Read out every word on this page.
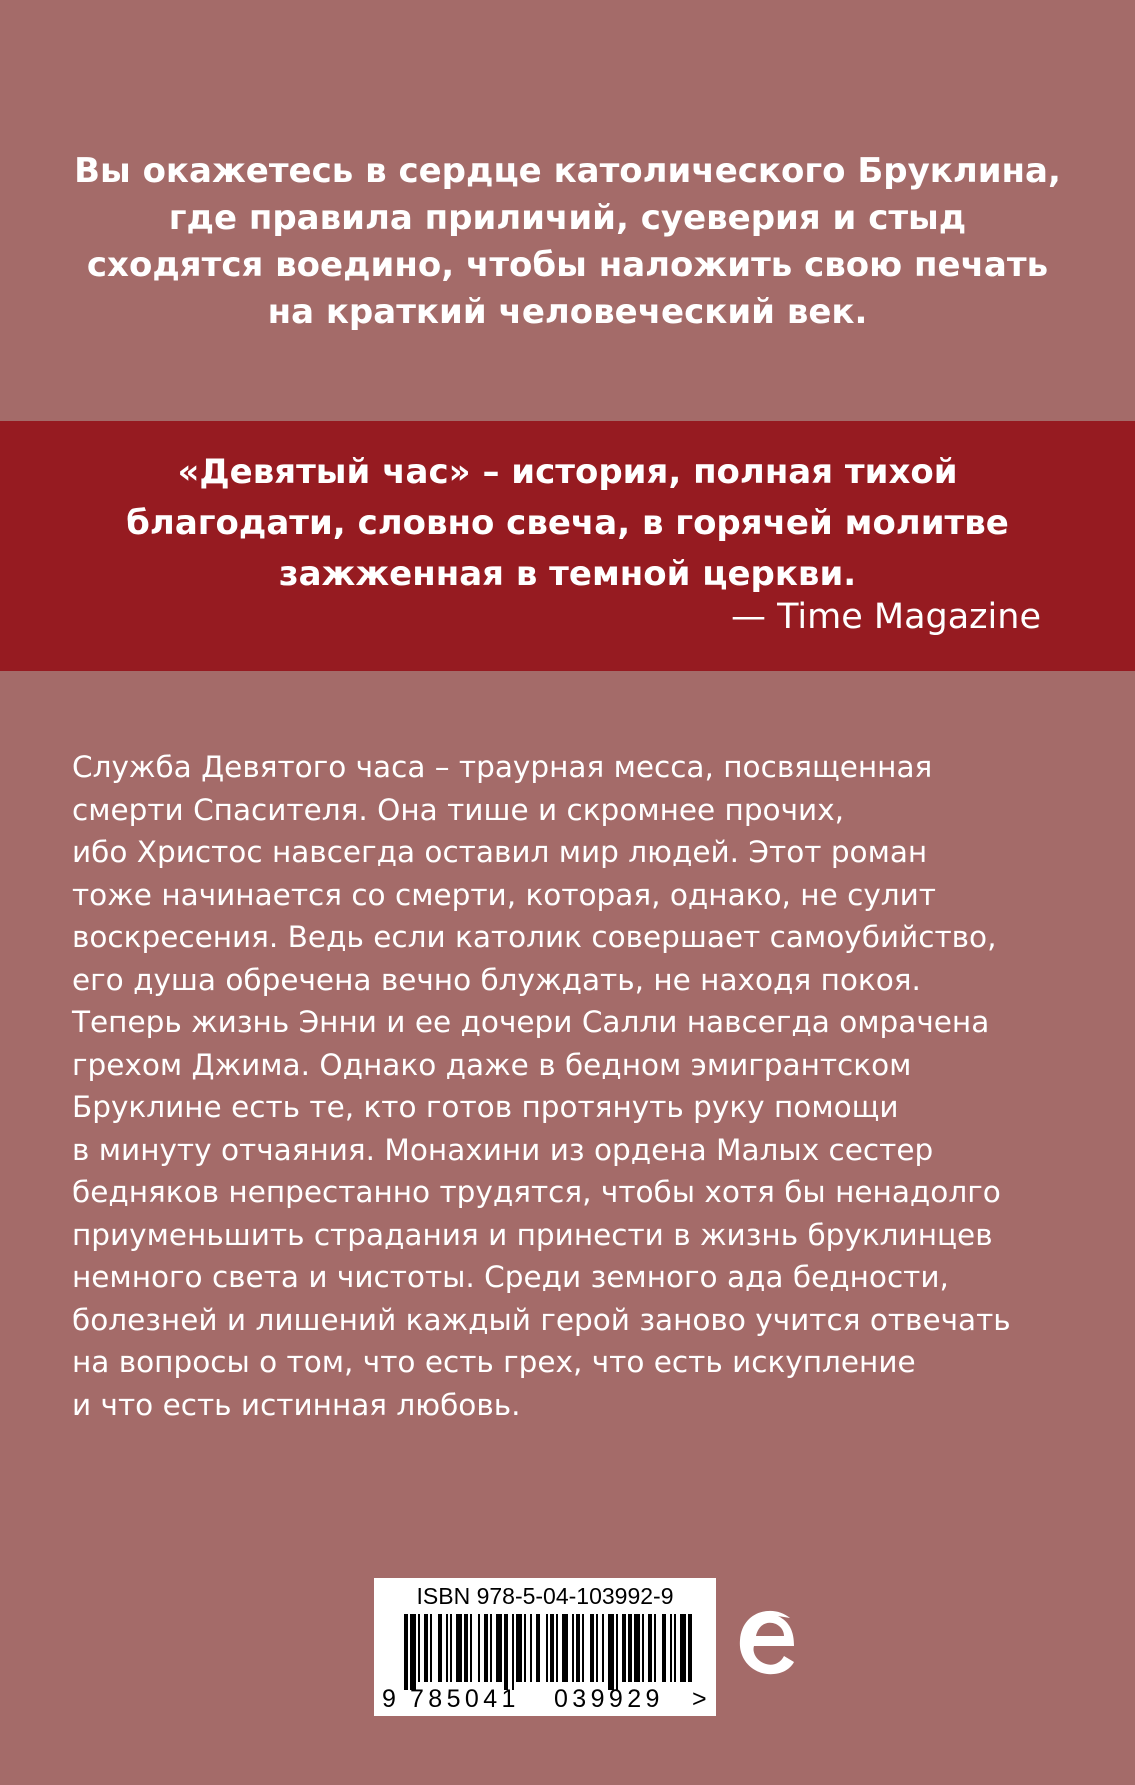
Вы окажетесь в сердце католического Бруклина,
где правила приличий, суеверия и стыд
сходятся воедино, чтобы наложить свою печать
на краткий человеческий век.
«Девятый час» – история, полная тихой
благодати, словно свеча, в горячей молитве
зажженная в темной церкви.
— Time Magazine
Служба Девятого часа – траурная месса, посвященная
смерти Спасителя. Она тише и скромнее прочих,
ибо Христос навсегда оставил мир людей. Этот роман
тоже начинается со смерти, которая, однако, не сулит
воскресения. Ведь если католик совершает самоубийство,
его душа обречена вечно блуждать, не находя покоя.
Теперь жизнь Энни и ее дочери Салли навсегда омрачена
грехом Джима. Однако даже в бедном эмигрантском
Бруклине есть те, кто готов протянуть руку помощи
в минуту отчаяния. Монахини из ордена Малых сестер
бедняков непрестанно трудятся, чтобы хотя бы ненадолго
приуменьшить страдания и принести в жизнь бруклинцев
немного света и чистоты. Среди земного ада бедности,
болезней и лишений каждый герой заново учится отвечать
на вопросы о том, что есть грех, что есть искупление
и что есть истинная любовь.
ISBN 978-5-04-103992-9
9 785041 039929 >
